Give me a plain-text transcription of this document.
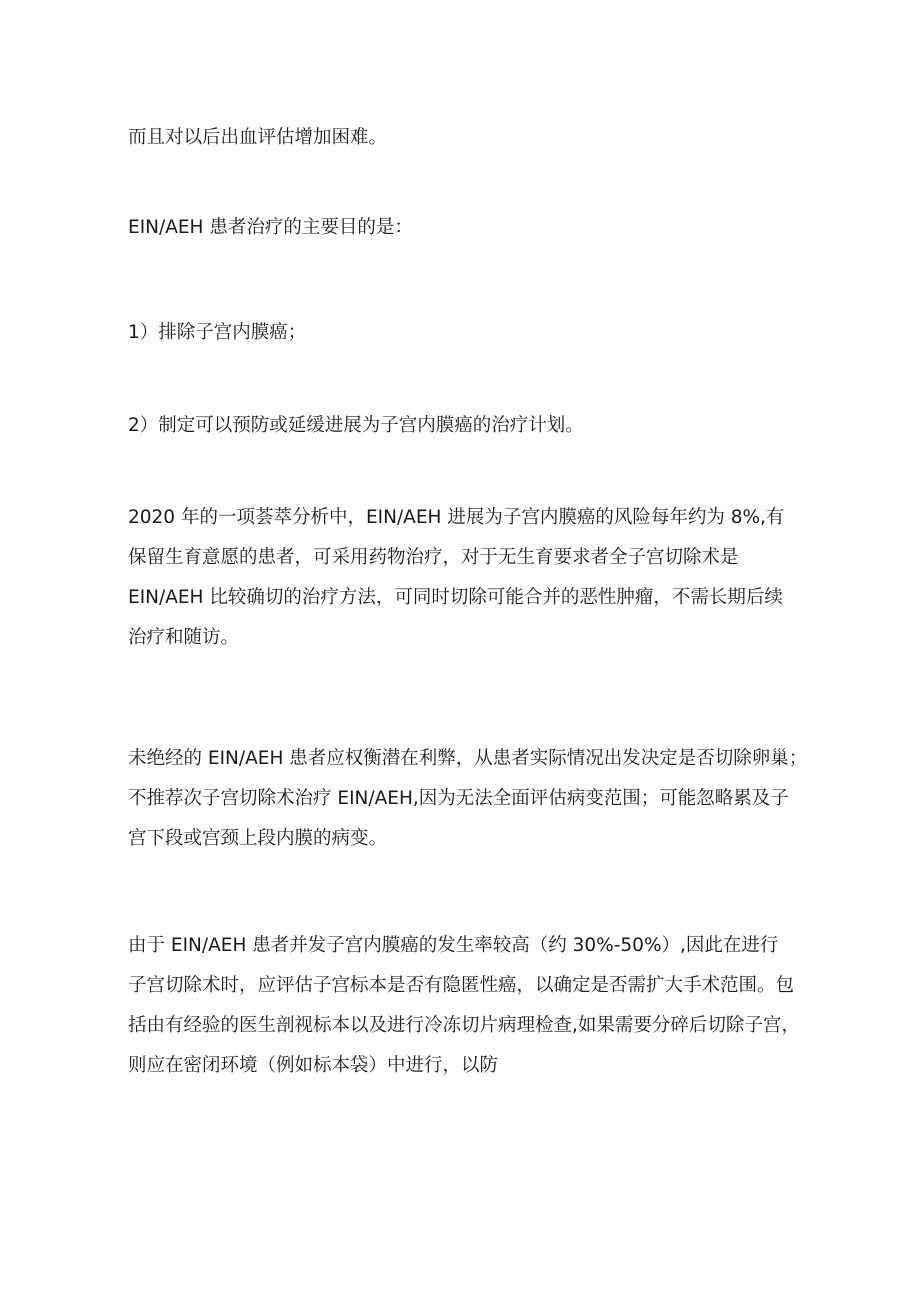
而且对以后出血评估增加困难。

EIN/AEH 患者治疗的主要目的是：

1）排除子宫内膜癌；

2）制定可以预防或延缓进展为子宫内膜癌的治疗计划。

2020 年的一项荟萃分析中，EIN/AEH 进展为子宫内膜癌的风险每年约为 8%,有
保留生育意愿的患者，可采用药物治疗，对于无生育要求者全子宫切除术是
EIN/AEH 比较确切的治疗方法，可同时切除可能合并的恶性肿瘤，不需长期后续
治疗和随访。

未绝经的 EIN/AEH 患者应权衡潜在利弊，从患者实际情况出发决定是否切除卵巢；
不推荐次子宫切除术治疗 EIN/AEH,因为无法全面评估病变范围；可能忽略累及子
宫下段或宫颈上段内膜的病变。

由于 EIN/AEH 患者并发子宫内膜癌的发生率较高（约 30%-50%）,因此在进行
子宫切除术时，应评估子宫标本是否有隐匿性癌，以确定是否需扩大手术范围。包
括由有经验的医生剖视标本以及进行冷冻切片病理检查,如果需要分碎后切除子宫，
则应在密闭环境（例如标本袋）中进行，以防
